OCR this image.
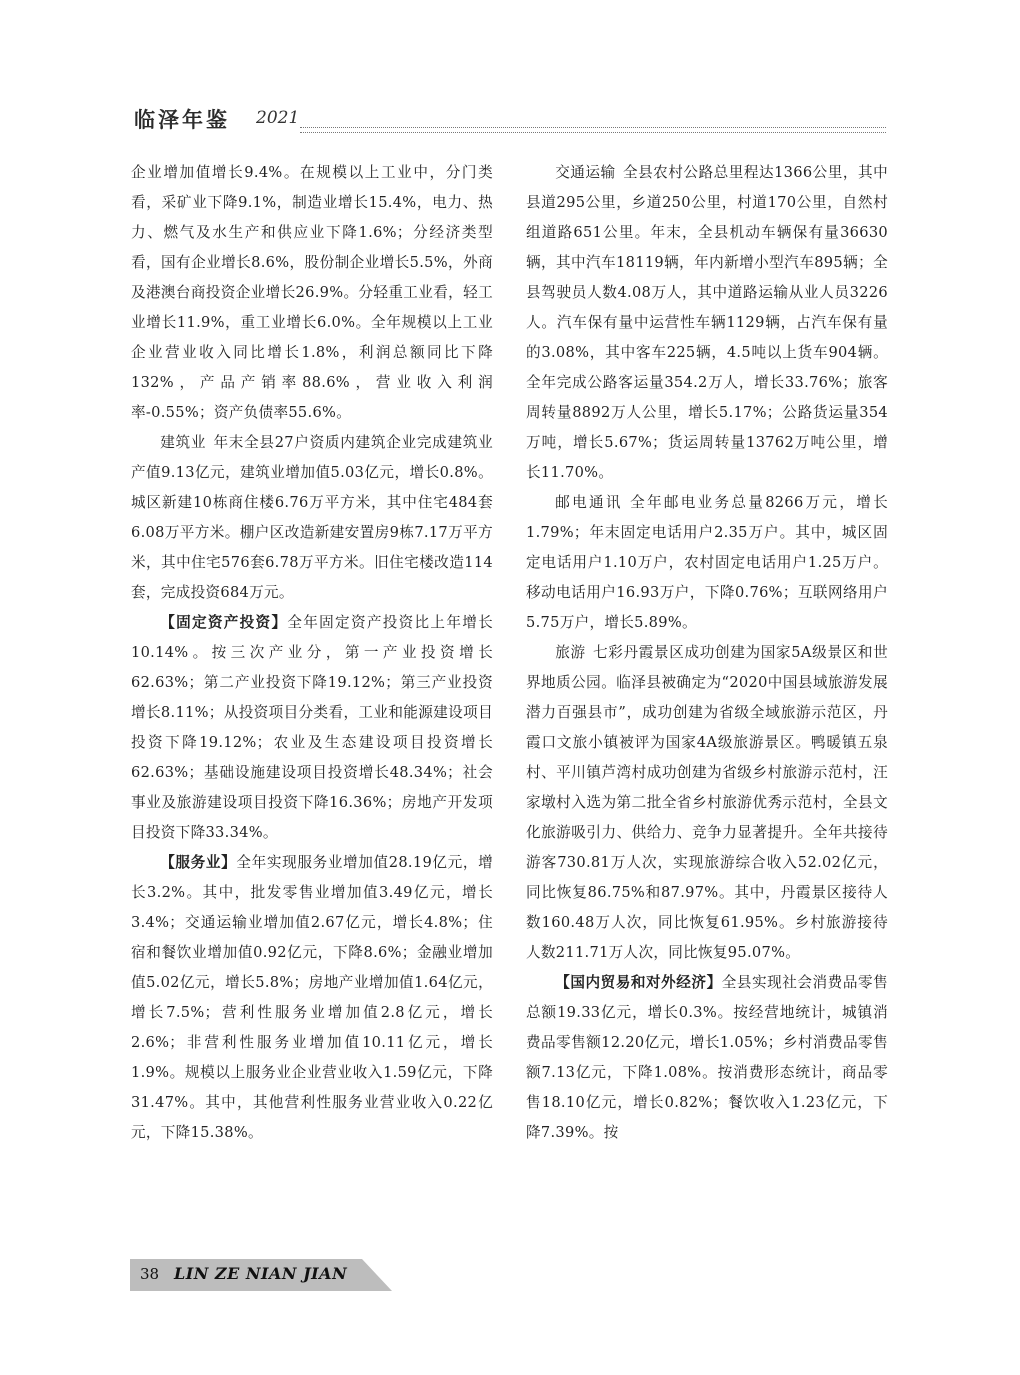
临泽年鉴 2021

企业增加值增长9.4%。在规模以上工业中，分门类看，采矿业下降9.1%，制造业增长15.4%，电力、热力、燃气及水生产和供应业下降1.6%；分经济类型看，国有企业增长8.6%，股份制企业增长5.5%，外商及港澳台商投资企业增长26.9%。分轻重工业看，轻工业增长11.9%，重工业增长6.0%。全年规模以上工业企业营业收入同比增长1.8%，利润总额同比下降132%，产品产销率88.6%，营业收入利润率-0.55%；资产负债率55.6%。

建筑业 年末全县27户资质内建筑企业完成建筑业产值9.13亿元，建筑业增加值5.03亿元，增长0.8%。城区新建10栋商住楼6.76万平方米，其中住宅484套6.08万平方米。棚户区改造新建安置房9栋7.17万平方米，其中住宅576套6.78万平方米。旧住宅楼改造114套，完成投资684万元。

【固定资产投资】全年固定资产投资比上年增长10.14%。按三次产业分，第一产业投资增长62.63%；第二产业投资下降19.12%；第三产业投资增长8.11%；从投资项目分类看，工业和能源建设项目投资下降19.12%；农业及生态建设项目投资增长62.63%；基础设施建设项目投资增长48.34%；社会事业及旅游建设项目投资下降16.36%；房地产开发项目投资下降33.34%。

【服务业】全年实现服务业增加值28.19亿元，增长3.2%。其中，批发零售业增加值3.49亿元，增长3.4%；交通运输业增加值2.67亿元，增长4.8%；住宿和餐饮业增加值0.92亿元，下降8.6%；金融业增加值5.02亿元，增长5.8%；房地产业增加值1.64亿元，增长7.5%；营利性服务业增加值2.8亿元，增长2.6%；非营利性服务业增加值10.11亿元，增长1.9%。规模以上服务业企业营业收入1.59亿元，下降31.47%。其中，其他营利性服务业营业收入0.22亿元，下降15.38%。

交通运输 全县农村公路总里程达1366公里，其中县道295公里，乡道250公里，村道170公里，自然村组道路651公里。年末，全县机动车辆保有量36630辆，其中汽车18119辆，年内新增小型汽车895辆；全县驾驶员人数4.08万人，其中道路运输从业人员3226人。汽车保有量中运营性车辆1129辆，占汽车保有量的3.08%，其中客车225辆，4.5吨以上货车904辆。全年完成公路客运量354.2万人，增长33.76%；旅客周转量8892万人公里，增长5.17%；公路货运量354万吨，增长5.67%；货运周转量13762万吨公里，增长11.70%。

邮电通讯 全年邮电业务总量8266万元，增长1.79%；年末固定电话用户2.35万户。其中，城区固定电话用户1.10万户，农村固定电话用户1.25万户。移动电话用户16.93万户，下降0.76%；互联网络用户5.75万户，增长5.89%。

旅游 七彩丹霞景区成功创建为国家5A级景区和世界地质公园。临泽县被确定为“2020中国县域旅游发展潜力百强县市”，成功创建为省级全域旅游示范区，丹霞口文旅小镇被评为国家4A级旅游景区。鸭暖镇五泉村、平川镇芦湾村成功创建为省级乡村旅游示范村，汪家墩村入选为第二批全省乡村旅游优秀示范村，全县文化旅游吸引力、供给力、竞争力显著提升。全年共接待游客730.81万人次，实现旅游综合收入52.02亿元，同比恢复86.75%和87.97%。其中，丹霞景区接待人数160.48万人次，同比恢复61.95%。乡村旅游接待人数211.71万人次，同比恢复95.07%。

【国内贸易和对外经济】全县实现社会消费品零售总额19.33亿元，增长0.3%。按经营地统计，城镇消费品零售额12.20亿元，增长1.05%；乡村消费品零售额7.13亿元，下降1.08%。按消费形态统计，商品零售18.10亿元，增长0.82%；餐饮收入1.23亿元，下降7.39%。按

38 LIN ZE NIAN JIAN
